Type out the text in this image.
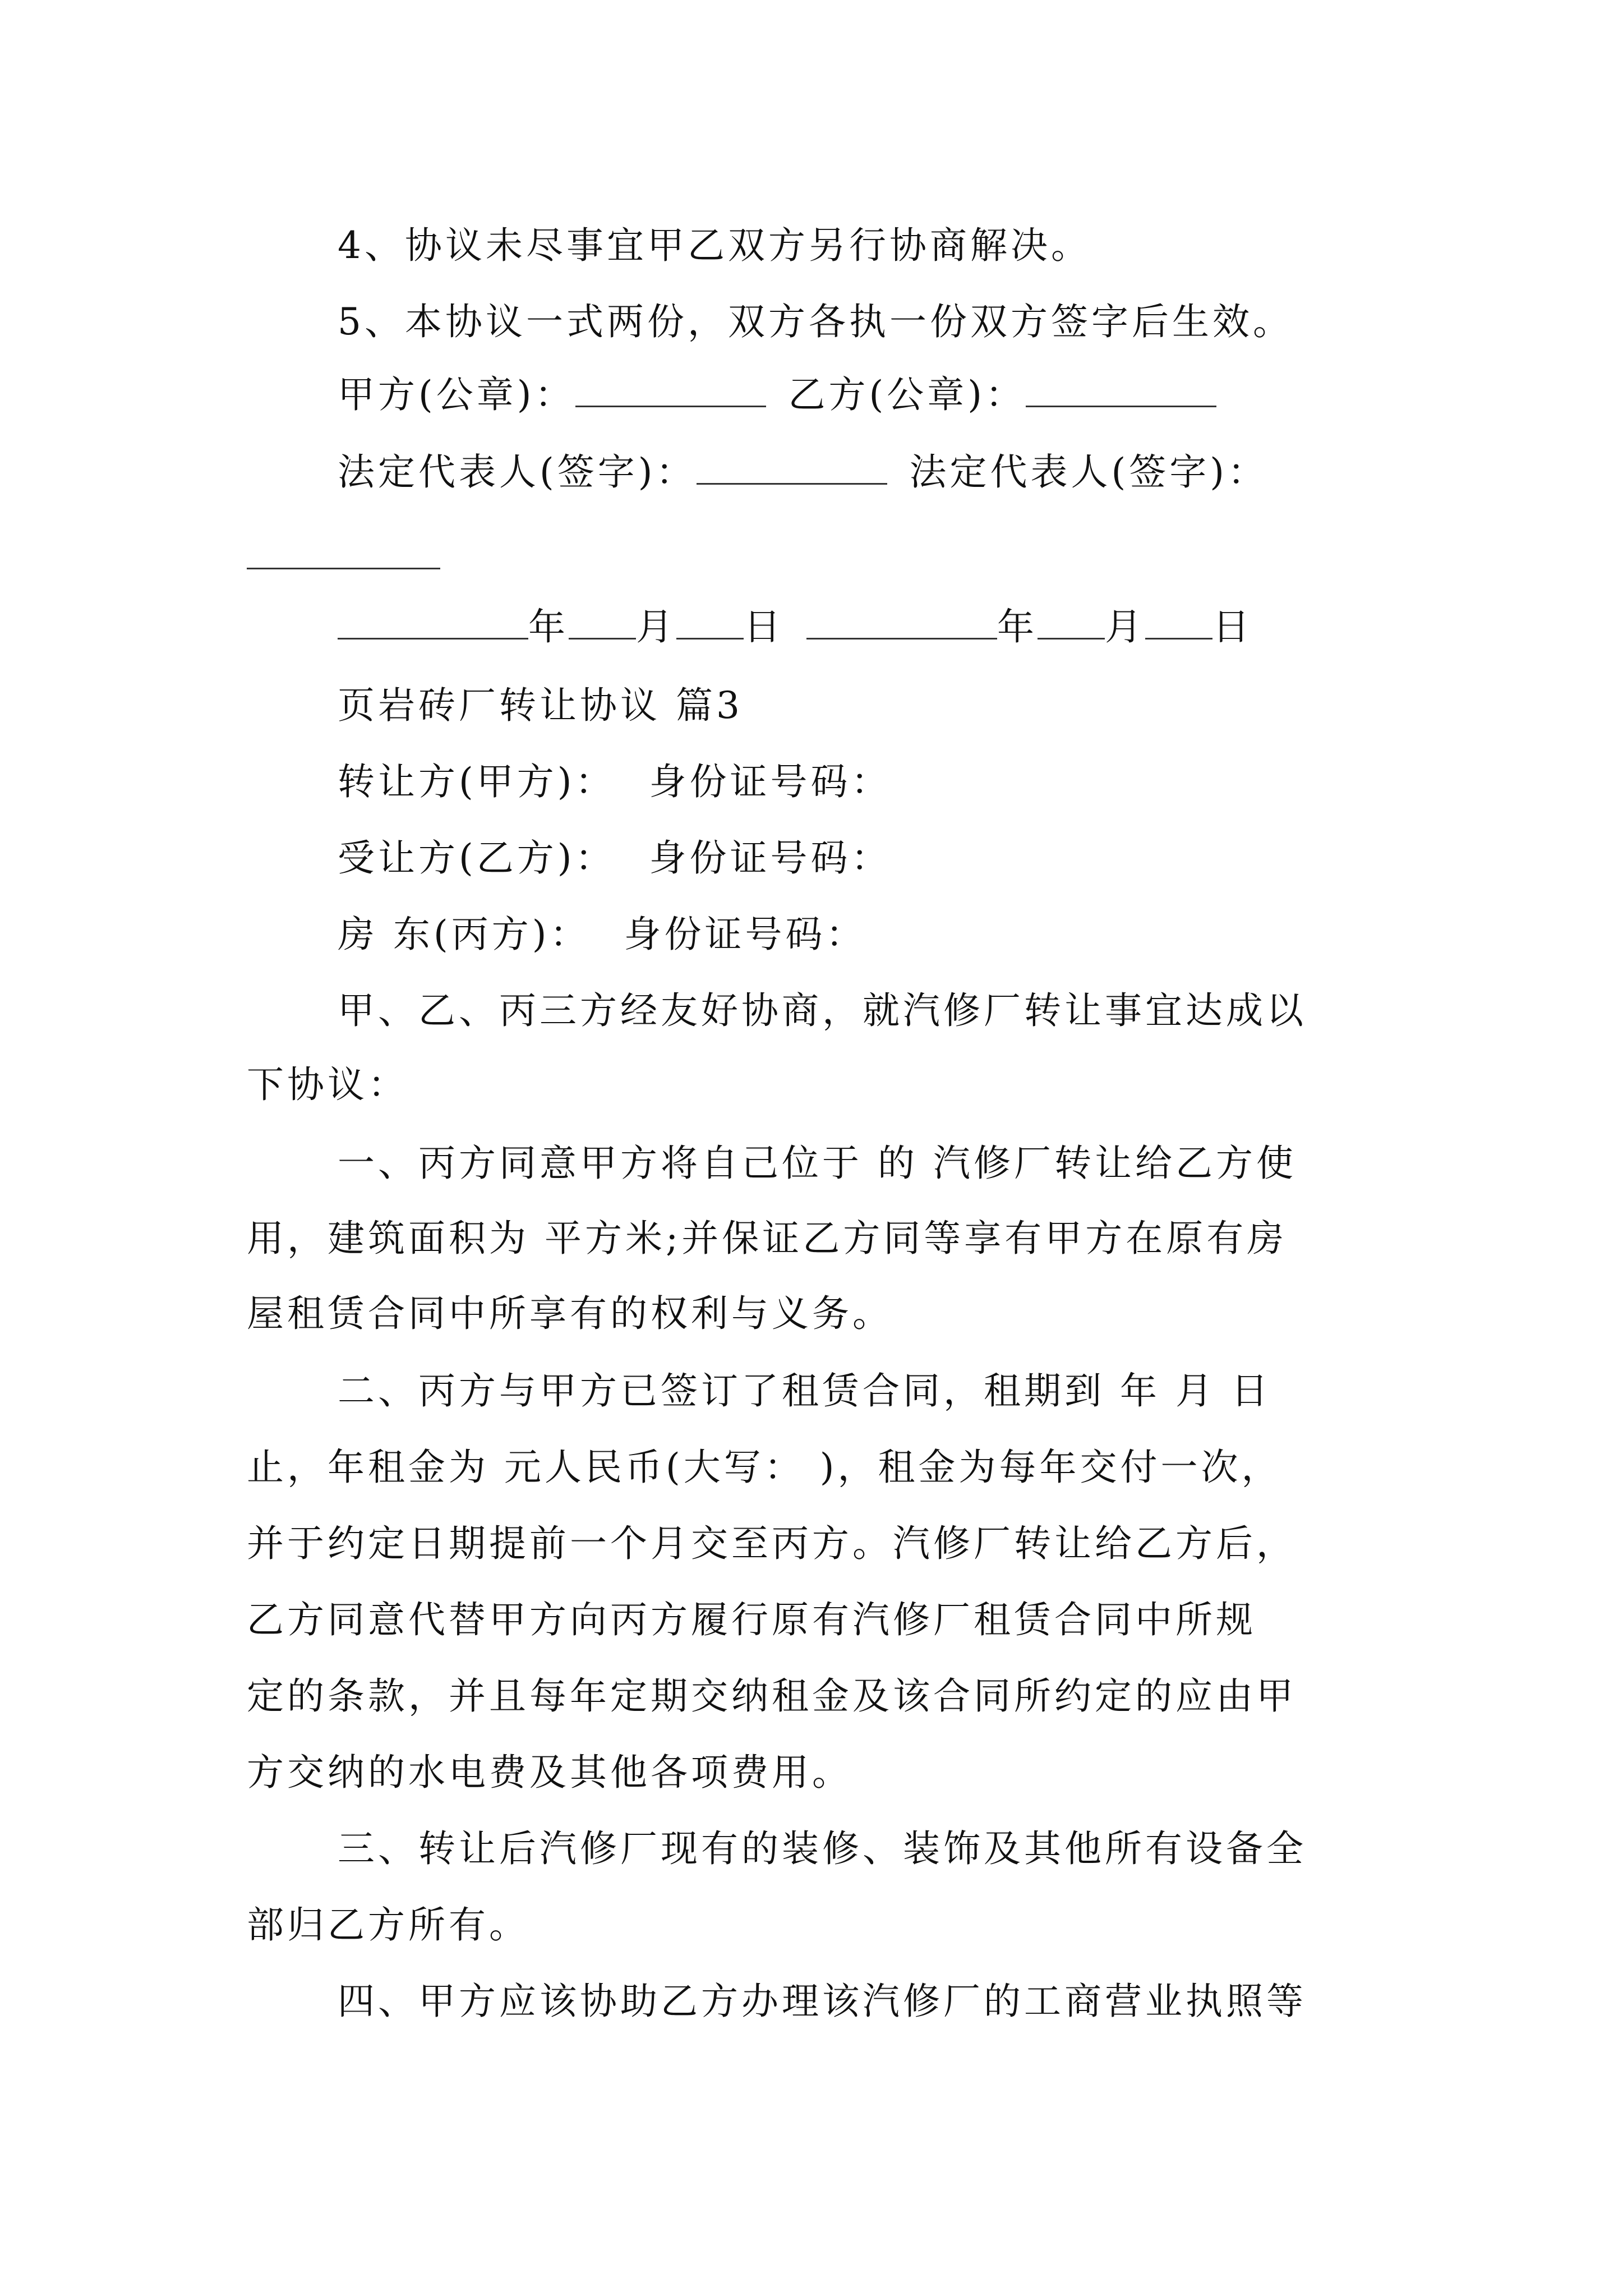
4、协议未尽事宜甲乙双方另行协商解决。
5、本协议一式两份，双方各执一份双方签字后生效。
甲方(公章)：	乙方(公章)：
法定代表人(签字)：	法定代表人(签字)：
年 月 日	年 月 日
页岩砖厂转让协议 篇3
转让方(甲方)： 身份证号码：
受让方(乙方)： 身份证号码：
房 东(丙方)： 身份证号码：
甲、乙、丙三方经友好协商，就汽修厂转让事宜达成以
下协议：
一、丙方同意甲方将自己位于 的 汽修厂转让给乙方使
用，建筑面积为 平方米;并保证乙方同等享有甲方在原有房
屋租赁合同中所享有的权利与义务。
二、丙方与甲方已签订了租赁合同，租期到 年 月 日
止，年租金为 元人民币(大写： )，租金为每年交付一次，
并于约定日期提前一个月交至丙方。汽修厂转让给乙方后，
乙方同意代替甲方向丙方履行原有汽修厂租赁合同中所规
定的条款，并且每年定期交纳租金及该合同所约定的应由甲
方交纳的水电费及其他各项费用。
三、转让后汽修厂现有的装修、装饰及其他所有设备全
部归乙方所有。
四、甲方应该协助乙方办理该汽修厂的工商营业执照等
